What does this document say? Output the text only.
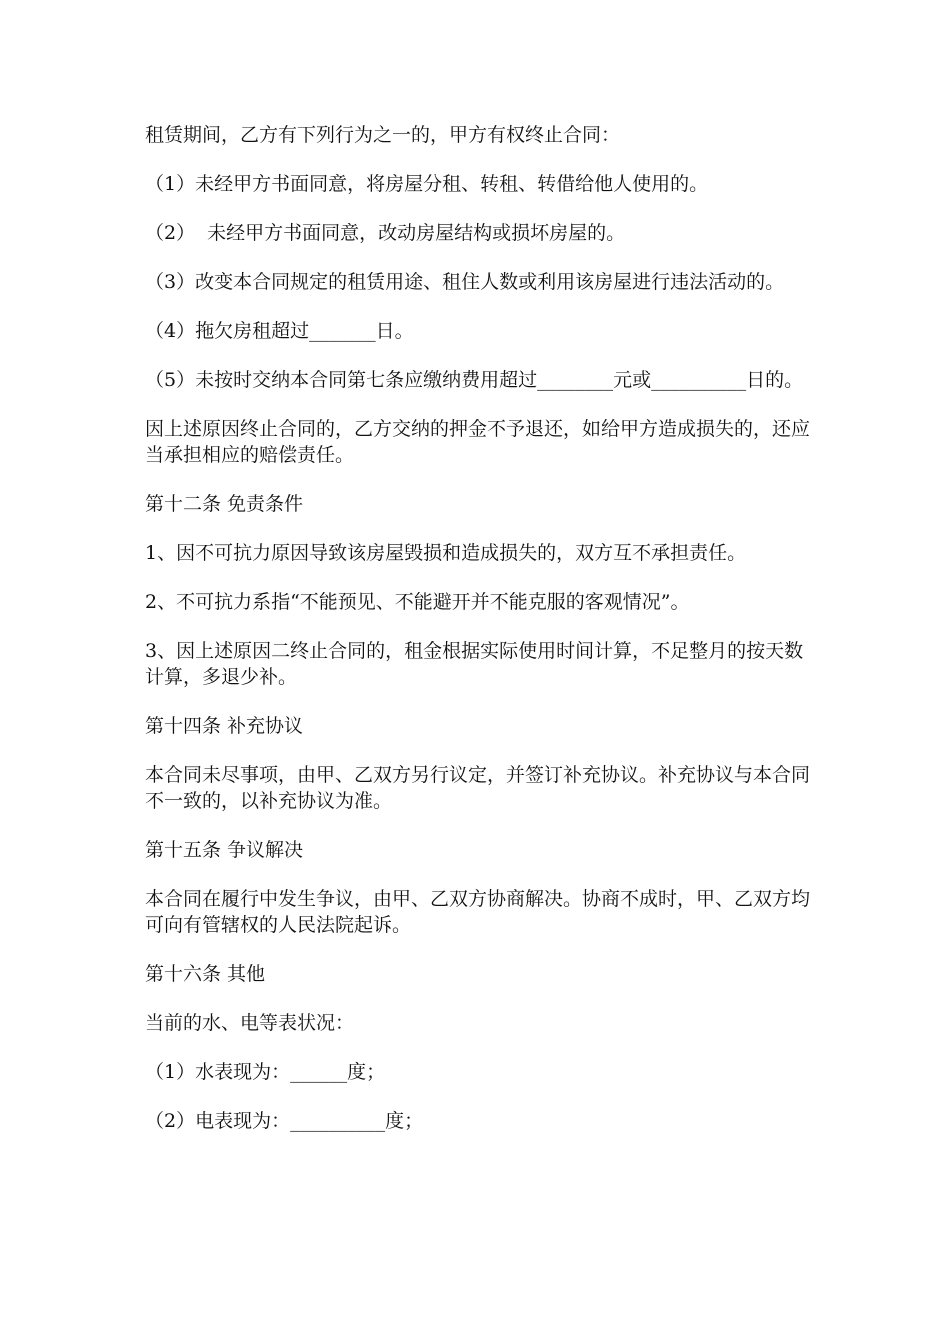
租赁期间，乙方有下列行为之一的，甲方有权终止合同：

（1）未经甲方书面同意，将房屋分租、转租、转借给他人使用的。

（2）  未经甲方书面同意，改动房屋结构或损坏房屋的。

（3）改变本合同规定的租赁用途、租住人数或利用该房屋进行违法活动的。

（4）拖欠房租超过_______日。

（5）未按时交纳本合同第七条应缴纳费用超过________元或__________日的。

因上述原因终止合同的，乙方交纳的押金不予退还，如给甲方造成损失的，还应当承担相应的赔偿责任。

第十二条 免责条件

1、因不可抗力原因导致该房屋毁损和造成损失的，双方互不承担责任。

2、不可抗力系指“不能预见、不能避开并不能克服的客观情况”。

3、因上述原因二终止合同的，租金根据实际使用时间计算，不足整月的按天数计算，多退少补。

第十四条 补充协议

本合同未尽事项，由甲、乙双方另行议定，并签订补充协议。补充协议与本合同不一致的，以补充协议为准。

第十五条 争议解决

本合同在履行中发生争议，由甲、乙双方协商解决。协商不成时，甲、乙双方均可向有管辖权的人民法院起诉。

第十六条 其他

当前的水、电等表状况：

（1）水表现为：______度；

（2）电表现为：__________度；
